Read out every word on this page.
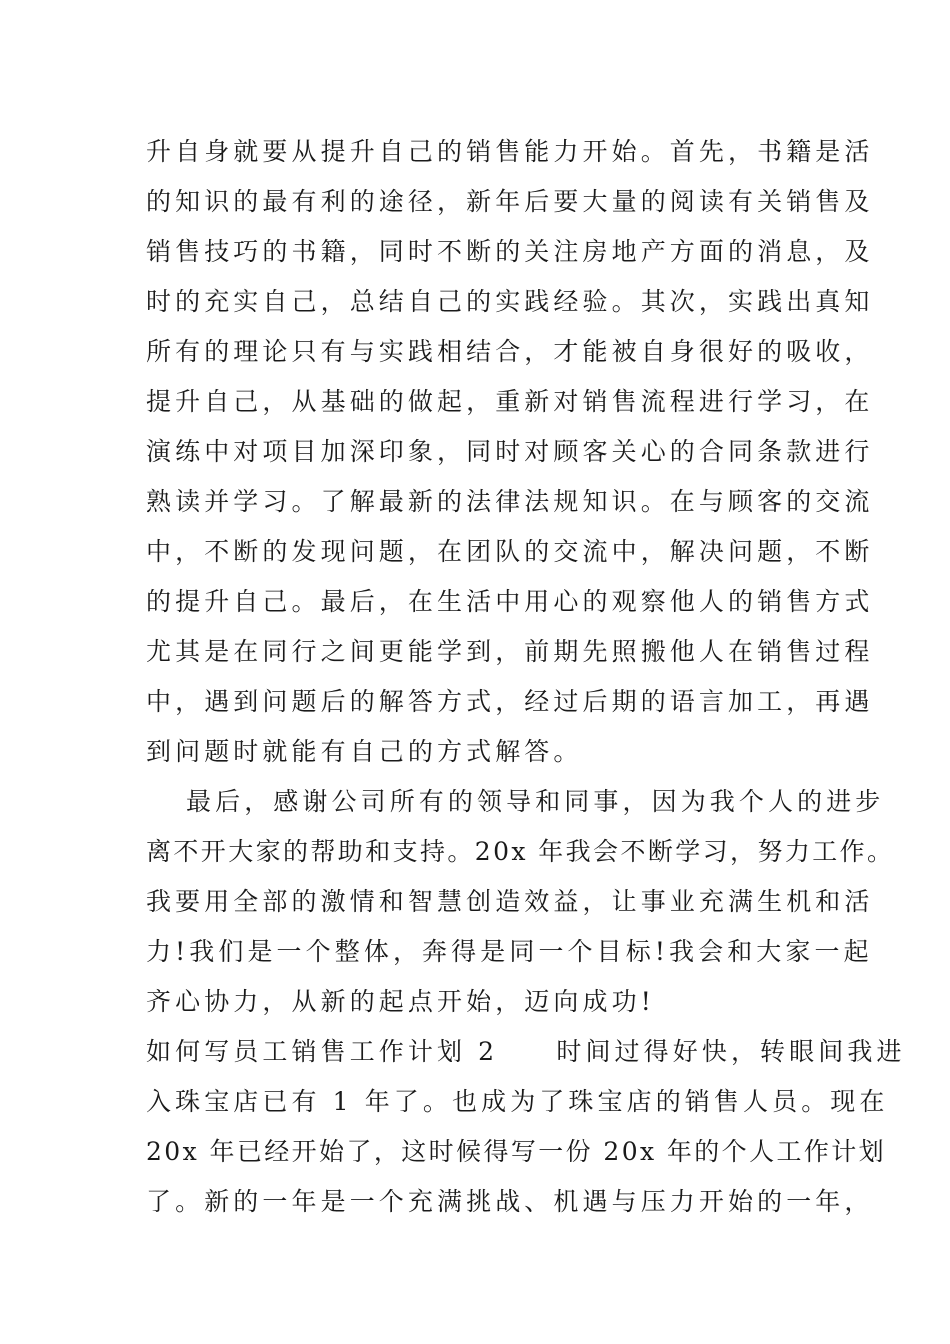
升自身就要从提升自己的销售能力开始。首先，书籍是活
的知识的最有利的途径，新年后要大量的阅读有关销售及
销售技巧的书籍，同时不断的关注房地产方面的消息，及
时的充实自己，总结自己的实践经验。其次，实践出真知
所有的理论只有与实践相结合，才能被自身很好的吸收，
提升自己，从基础的做起，重新对销售流程进行学习，在
演练中对项目加深印象，同时对顾客关心的合同条款进行
熟读并学习。了解最新的法律法规知识。在与顾客的交流
中，不断的发现问题，在团队的交流中，解决问题，不断
的提升自己。最后，在生活中用心的观察他人的销售方式
尤其是在同行之间更能学到，前期先照搬他人在销售过程
中，遇到问题后的解答方式，经过后期的语言加工，再遇
到问题时就能有自己的方式解答。
最后，感谢公司所有的领导和同事，因为我个人的进步
离不开大家的帮助和支持。20x 年我会不断学习，努力工作。
我要用全部的激情和智慧创造效益，让事业充满生机和活
力!我们是一个整体，奔得是同一个目标!我会和大家一起
齐心协力，从新的起点开始，迈向成功!
如何写员工销售工作计划 2　　时间过得好快，转眼间我进
入珠宝店已有 1 年了。也成为了珠宝店的销售人员。现在
20x 年已经开始了，这时候得写一份 20x 年的个人工作计划
了。新的一年是一个充满挑战、机遇与压力开始的一年，
